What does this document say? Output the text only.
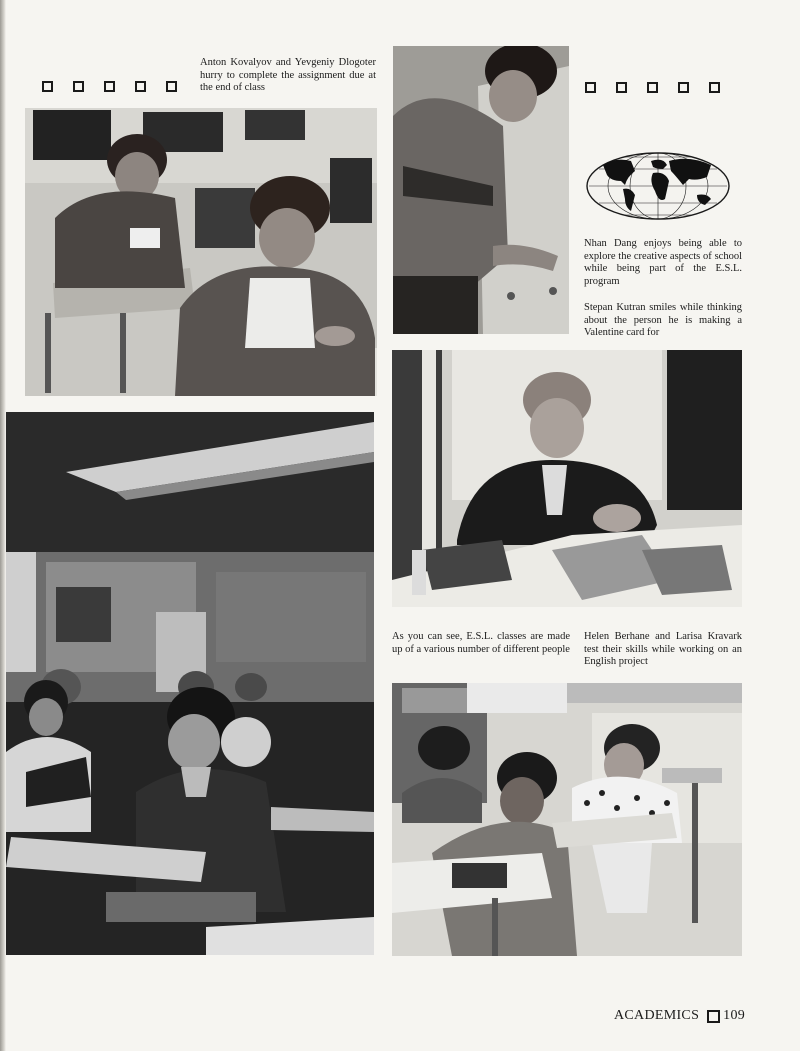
Anton Kovalyov and Yevgeniy Dlogoter hurry to complete the assignment due at the end of class

Nhan Dang enjoys being able to explore the creative aspects of school while being part of the E.S.L. program

Stepan Kutran smiles while thinking about the person he is making a Valentine card for

As you can see, E.S.L. classes are made up of a various number of different people

Helen Berhane and Larisa Kravark test their skills while working on an English project

ACADEMICS 109
